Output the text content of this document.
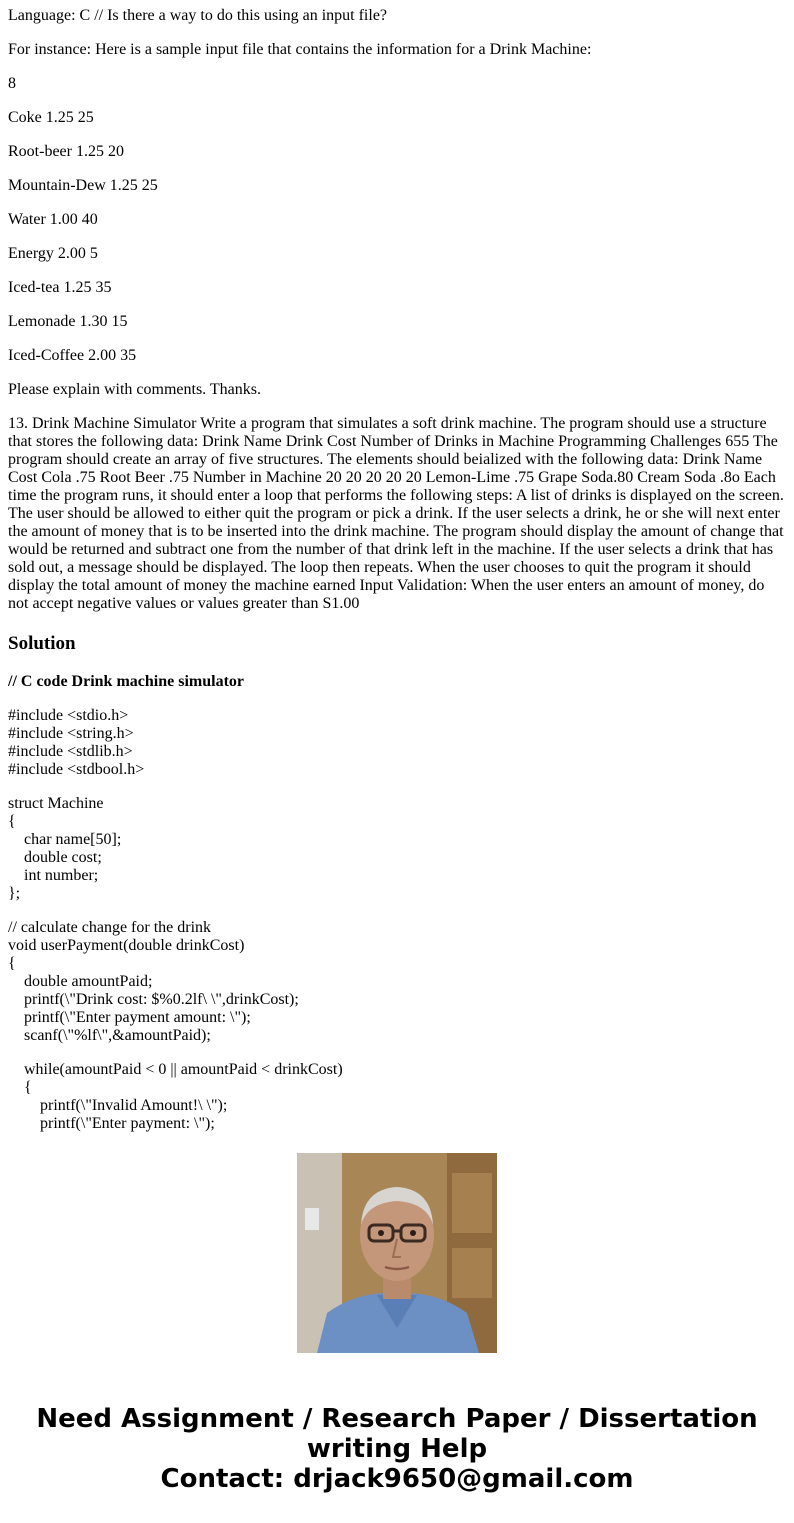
Language: C // Is there a way to do this using an input file?

For instance: Here is a sample input file that contains the information for a Drink Machine:

8

Coke 1.25 25

Root-beer 1.25 20

Mountain-Dew 1.25 25

Water 1.00 40

Energy 2.00 5

Iced-tea 1.25 35

Lemonade 1.30 15

Iced-Coffee 2.00 35

Please explain with comments. Thanks.

13. Drink Machine Simulator Write a program that simulates a soft drink machine. The program should use a structure that stores the following data: Drink Name Drink Cost Number of Drinks in Machine Programming Challenges 655 The program should create an array of five structures. The elements should beialized with the following data: Drink Name Cost Cola .75 Root Beer .75 Number in Machine 20 20 20 20 20 Lemon-Lime .75 Grape Soda.80 Cream Soda .8o Each time the program runs, it should enter a loop that performs the following steps: A list of drinks is displayed on the screen. The user should be allowed to either quit the program or pick a drink. If the user selects a drink, he or she will next enter the amount of money that is to be inserted into the drink machine. The program should display the amount of change that would be returned and subtract one from the number of that drink left in the machine. If the user selects a drink that has sold out, a message should be displayed. The loop then repeats. When the user chooses to quit the program it should display the total amount of money the machine earned Input Validation: When the user enters an amount of money, do not accept negative values or values greater than S1.00

Solution
// C code Drink machine simulator
#include <stdio.h>
#include <string.h>
#include <stdlib.h>
#include <stdbool.h>
struct Machine
{
char name[50];
double cost;
int number;
};
// calculate change for the drink
void userPayment(double drinkCost)
{
double amountPaid;
printf(\"Drink cost: $%0.2lf\ \",drinkCost);
printf(\"Enter payment amount: \");
scanf(\"%lf\",&amountPaid);
while(amountPaid < 0 || amountPaid < drinkCost)
{
printf(\"Invalid Amount!\ \");
printf(\"Enter payment: \");
Need Assignment / Research Paper / Dissertation
writing Help
Contact: drjack9650@gmail.com
